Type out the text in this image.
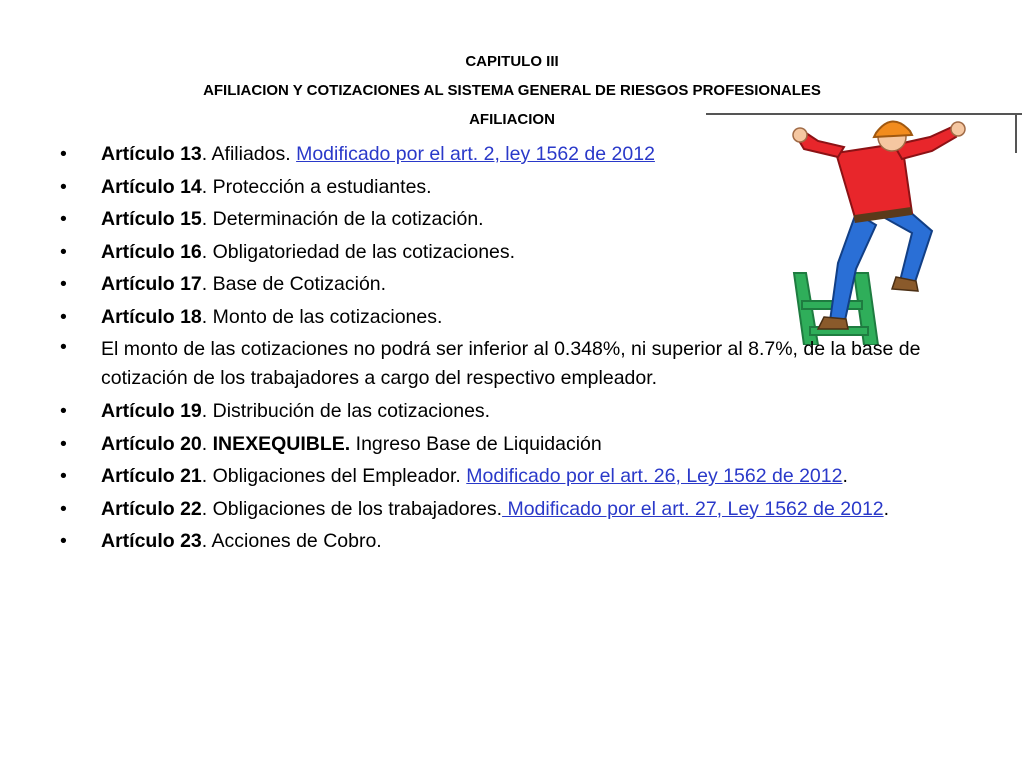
CAPITULO III

AFILIACION Y COTIZACIONES AL SISTEMA GENERAL DE RIESGOS PROFESIONALES

AFILIACION

• Artículo 13. Afiliados. Modificado por el art. 2, ley 1562 de 2012
• Artículo 14. Protección a estudiantes.
• Artículo 15. Determinación de la cotización.
• Artículo 16. Obligatoriedad de las cotizaciones.
• Artículo 17. Base de Cotización.
• Artículo 18. Monto de las cotizaciones.
• El monto de las cotizaciones no podrá ser inferior al 0.348%, ni superior al 8.7%, de la base de cotización de los trabajadores a cargo del respectivo empleador.
• Artículo 19. Distribución de las cotizaciones.
• Artículo 20. INEXEQUIBLE. Ingreso Base de Liquidación
• Artículo 21. Obligaciones del Empleador. Modificado por el art. 26, Ley 1562 de 2012.
• Artículo 22. Obligaciones de los trabajadores. Modificado por el art. 27, Ley 1562 de 2012.
• Artículo 23. Acciones de Cobro.
